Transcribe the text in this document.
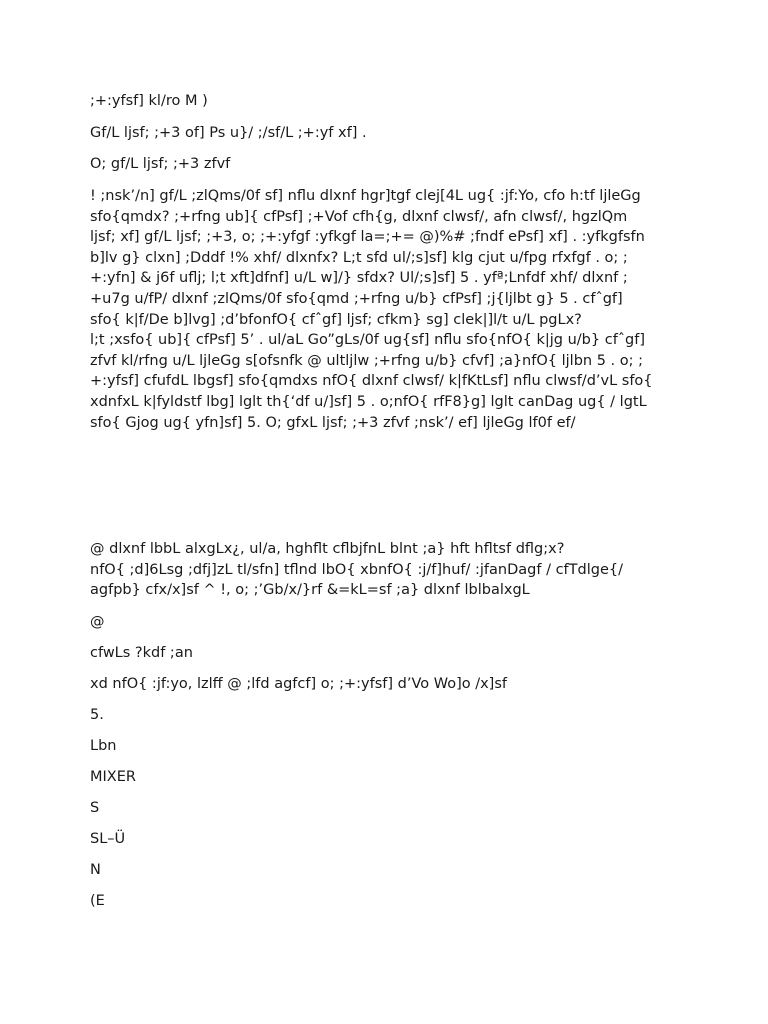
;+:yfsf] kl/ro M )

Gf/L ljsf; ;+3 of] Ps u}/ ;/sf/L ;+:yf xf] .

O; gf/L ljsf; ;+3 zfvf

! ;nsk’/n] gf/L ;zlQms/0f sf] nflu dlxnf hgr]tgf clej[4L ug{ :jf:Yo, cfo h:tf ljleGg
sfo{qmdx? ;+rfng ub]{ cfPsf] ;+Vof cfh{g, dlxnf clwsf/, afn clwsf/, hgzlQm
ljsf; xf] gf/L ljsf; ;+3, o; ;+:yfgf :yfkgf la=;+= @)%# ;fndf ePsf] xf] . :yfkgfsfn
b]lv g} clxn] ;Dddf !% xhf/ dlxnfx? L;t sfd ul/;s]sf] klg cjut u/fpg rfxfgf . o; ;
+:yfn] & j6f uflj; l;t xft]dfnf] u/L w]/} sfdx? Ul/;s]sf] 5 . yfª;Lnfdf xhf/ dlxnf ;
+u7g u/fP/ dlxnf ;zlQms/0f sfo{qmd ;+rfng u/b} cfPsf] ;j{ljlbt g} 5 . cfˆgf]
sfo{ k|f/De b]lvg] ;d’bfonfO{ cfˆgf] ljsf; cfkm} sg] clek|]l/t u/L pgLx?
l;t ;xsfo{ ub]{ cfPsf] 5’ . ul/aL Go”gLs/0f ug{sf] nflu sfo{nfO{ k|jg u/b} cfˆgf]
zfvf kl/rfng u/L ljleGg s[ofsnfk @ ultljlw ;+rfng u/b} cfvf] ;a}nfO{ ljlbn 5 . o; ;
+:yfsf] cfufdL lbgsf] sfo{qmdxs nfO{ dlxnf clwsf/ k|fKtLsf] nflu clwsf/d’vL sfo{
xdnfxL k|fyldstf lbg] lglt th{‘df u/]sf] 5 . o;nfO{ rfF8}g] lglt canDag ug{ / lgtL
sfo{ Gjog ug{ yfn]sf] 5. O; gfxL ljsf; ;+3 zfvf ;nsk’/ ef] ljleGg lf0f ef/

@ dlxnf lbbL alxgLx¿, ul/a, hghflt cflbjfnL blnt ;a} hft hfltsf dflg;x?
nfO{ ;d]6Lsg ;dfj]zL tl/sfn] tflnd lbO{ xbnfO{ :j/f]huf/ :jfanDagf / cfTdlge{/
agfpb} cfx/x]sf ^ !, o; ;’Gb/x/}rf &=kL=sf ;a} dlxnf lblbalxgL

@

cfwLs ?kdf ;an

xd nfO{ :jf:yo, lzlff @ ;lfd agfcf] o; ;+:yfsf] d’Vo Wo]o /x]sf

5.

Lbn

MIXER

S

SL–Ü

N

(E
